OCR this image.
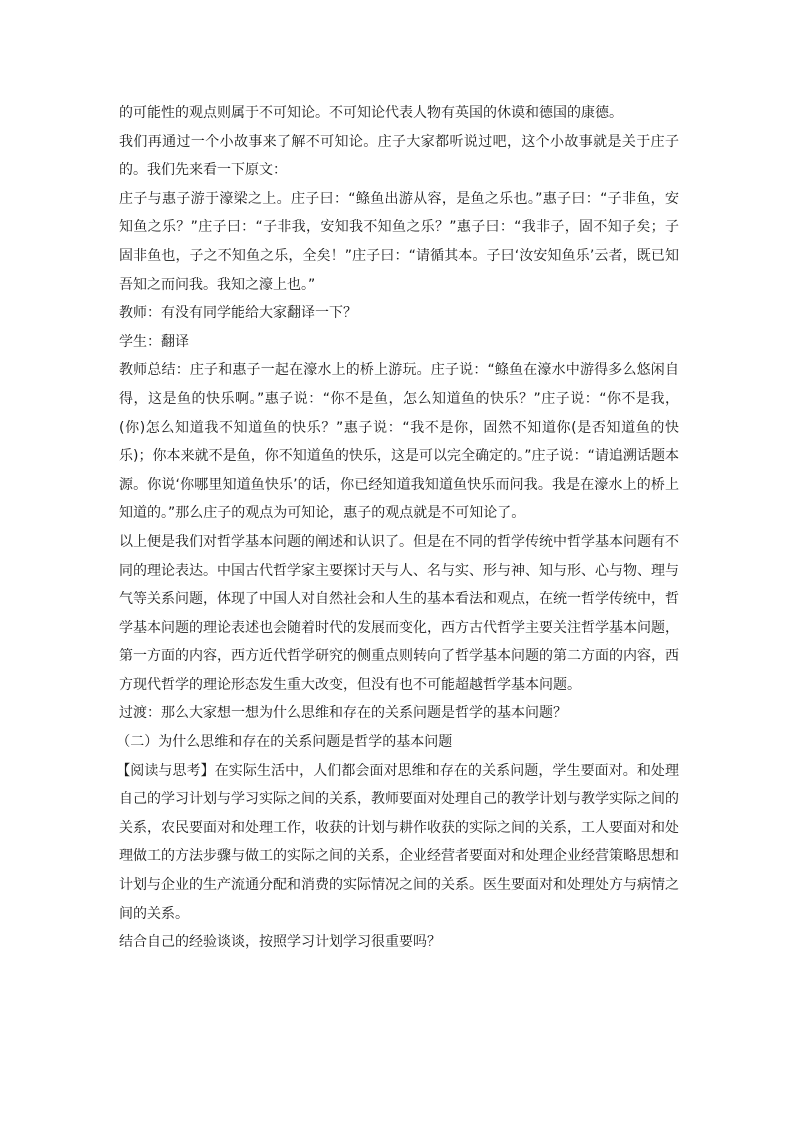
的可能性的观点则属于不可知论。不可知论代表人物有英国的休谟和德国的康德。

我们再通过一个小故事来了解不可知论。庄子大家都听说过吧，这个小故事就是关于庄子的。我们先来看一下原文：

庄子与惠子游于濠梁之上。庄子曰：“鲦鱼出游从容，是鱼之乐也。”惠子曰：“子非鱼，安知鱼之乐？”庄子曰：“子非我，安知我不知鱼之乐？”惠子曰：“我非子，固不知子矣；子固非鱼也，子之不知鱼之乐，全矣！”庄子曰：“请循其本。子曰‘汝安知鱼乐’云者，既已知吾知之而问我。我知之濠上也。”

教师：有没有同学能给大家翻译一下？

学生：翻译

教师总结：庄子和惠子一起在濠水上的桥上游玩。庄子说：“鲦鱼在濠水中游得多么悠闲自得，这是鱼的快乐啊。”惠子说：“你不是鱼，怎么知道鱼的快乐？”庄子说：“你不是我，(你)怎么知道我不知道鱼的快乐？”惠子说：“我不是你，固然不知道你(是否知道鱼的快乐)；你本来就不是鱼，你不知道鱼的快乐，这是可以完全确定的。”庄子说：“请追溯话题本源。你说‘你哪里知道鱼快乐’的话，你已经知道我知道鱼快乐而问我。我是在濠水上的桥上知道的。”那么庄子的观点为可知论，惠子的观点就是不可知论了。

以上便是我们对哲学基本问题的阐述和认识了。但是在不同的哲学传统中哲学基本问题有不同的理论表达。中国古代哲学家主要探讨天与人、名与实、形与神、知与形、心与物、理与气等关系问题，体现了中国人对自然社会和人生的基本看法和观点，在统一哲学传统中，哲学基本问题的理论表述也会随着时代的发展而变化，西方古代哲学主要关注哲学基本问题，第一方面的内容，西方近代哲学研究的侧重点则转向了哲学基本问题的第二方面的内容，西方现代哲学的理论形态发生重大改变，但没有也不可能超越哲学基本问题。

过渡：那么大家想一想为什么思维和存在的关系问题是哲学的基本问题？

（二）为什么思维和存在的关系问题是哲学的基本问题

【阅读与思考】在实际生活中，人们都会面对思维和存在的关系问题，学生要面对。和处理自己的学习计划与学习实际之间的关系，教师要面对处理自己的教学计划与教学实际之间的关系，农民要面对和处理工作，收获的计划与耕作收获的实际之间的关系，工人要面对和处理做工的方法步骤与做工的实际之间的关系，企业经营者要面对和处理企业经营策略思想和计划与企业的生产流通分配和消费的实际情况之间的关系。医生要面对和处理处方与病情之间的关系。

结合自己的经验谈谈，按照学习计划学习很重要吗？
